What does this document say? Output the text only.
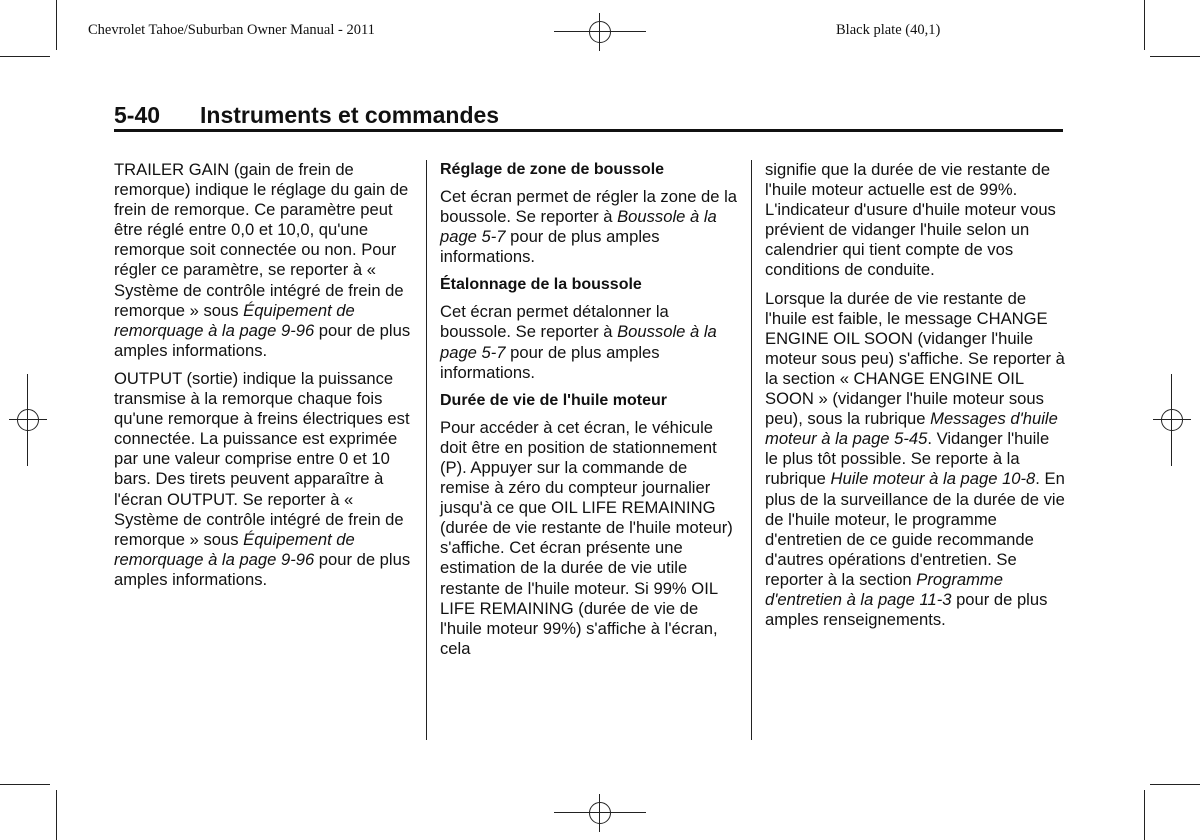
Chevrolet Tahoe/Suburban Owner Manual - 2011	Black plate (40,1)
5-40 Instruments et commandes

TRAILER GAIN (gain de frein de remorque) indique le réglage du gain de frein de remorque. Ce paramètre peut être réglé entre 0,0 et 10,0, qu'une remorque soit connectée ou non. Pour régler ce paramètre, se reporter à « Système de contrôle intégré de frein de remorque » sous Équipement de remorquage à la page 9-96 pour de plus amples informations.

OUTPUT (sortie) indique la puissance transmise à la remorque chaque fois qu'une remorque à freins électriques est connectée. La puissance est exprimée par une valeur comprise entre 0 et 10 bars. Des tirets peuvent apparaître à l'écran OUTPUT. Se reporter à « Système de contrôle intégré de frein de remorque » sous Équipement de remorquage à la page 9-96 pour de plus amples informations.

Réglage de zone de boussole

Cet écran permet de régler la zone de la boussole. Se reporter à Boussole à la page 5-7 pour de plus amples informations.

Étalonnage de la boussole

Cet écran permet détalonner la boussole. Se reporter à Boussole à la page 5-7 pour de plus amples informations.

Durée de vie de l'huile moteur

Pour accéder à cet écran, le véhicule doit être en position de stationnement (P). Appuyer sur la commande de remise à zéro du compteur journalier jusqu'à ce que OIL LIFE REMAINING (durée de vie restante de l'huile moteur) s'affiche. Cet écran présente une estimation de la durée de vie utile restante de l'huile moteur. Si 99% OIL LIFE REMAINING (durée de vie de l'huile moteur 99%) s'affiche à l'écran, cela

signifie que la durée de vie restante de l'huile moteur actuelle est de 99%. L'indicateur d'usure d'huile moteur vous prévient de vidanger l'huile selon un calendrier qui tient compte de vos conditions de conduite.

Lorsque la durée de vie restante de l'huile est faible, le message CHANGE ENGINE OIL SOON (vidanger l'huile moteur sous peu) s'affiche. Se reporter à la section « CHANGE ENGINE OIL SOON » (vidanger l'huile moteur sous peu), sous la rubrique Messages d'huile moteur à la page 5-45. Vidanger l'huile le plus tôt possible. Se reporte à la rubrique Huile moteur à la page 10-8. En plus de la surveillance de la durée de vie de l'huile moteur, le programme d'entretien de ce guide recommande d'autres opérations d'entretien. Se reporter à la section Programme d'entretien à la page 11-3 pour de plus amples renseignements.
